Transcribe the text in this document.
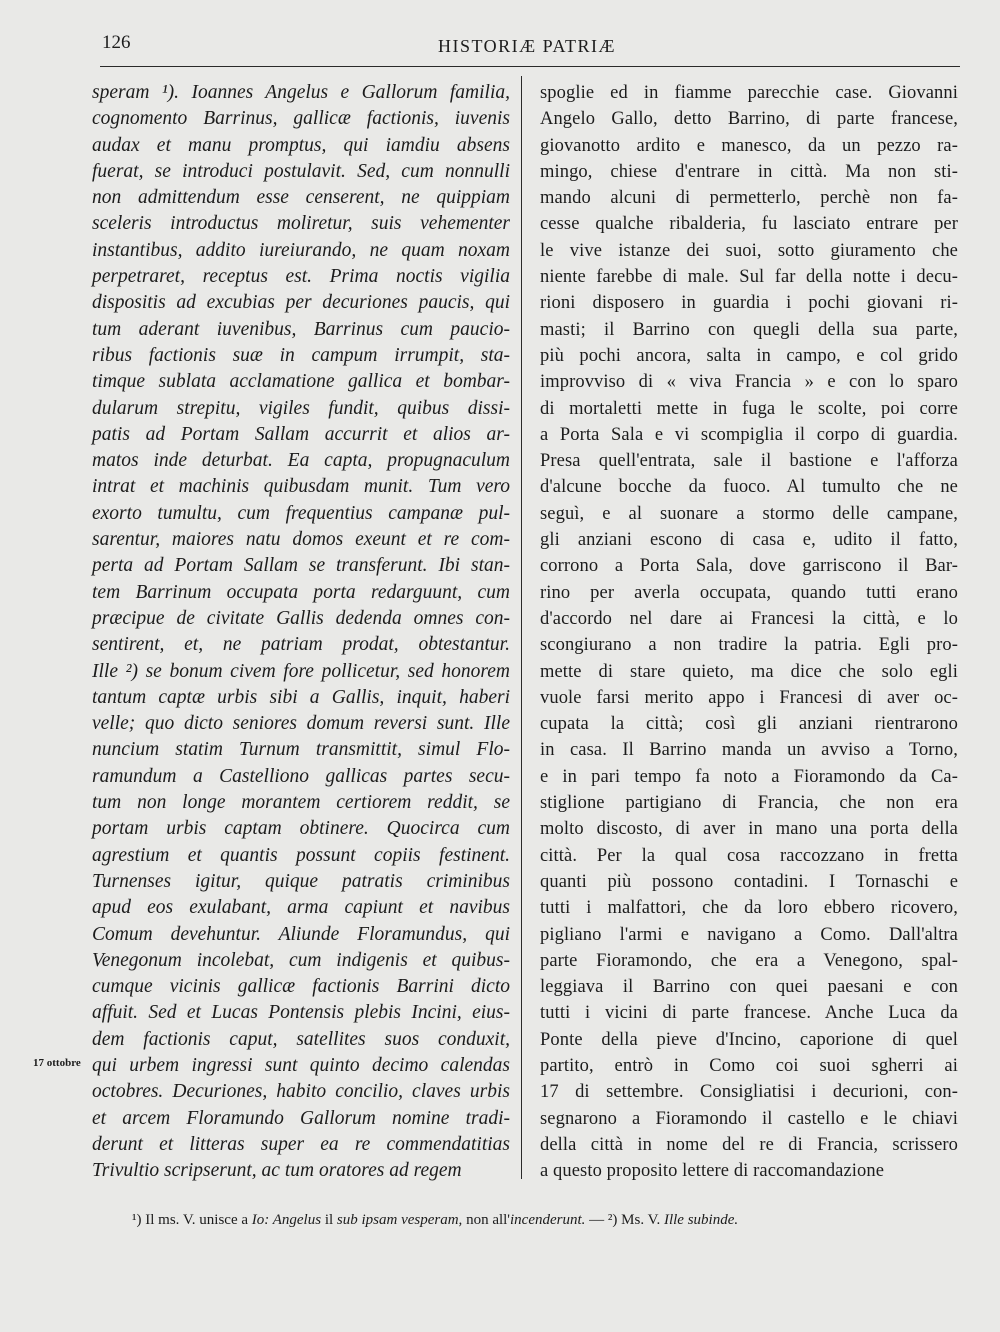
126	HISTORIÆ PATRIÆ
17 ottobre
speram ¹). Ioannes Angelus e Gallorum familia,
cognomento Barrinus, gallicæ factionis, iuvenis
audax et manu promptus, qui iamdiu absens
fuerat, se introduci postulavit. Sed, cum nonnulli
non admittendum esse censerent, ne quippiam
sceleris introductus moliretur, suis vehementer
instantibus, addito iureiurando, ne quam noxam
perpetraret, receptus est. Prima noctis vigilia
dispositis ad excubias per decuriones paucis, qui
tum aderant iuvenibus, Barrinus cum paucio-
ribus factionis suæ in campum irrumpit, sta-
timque sublata acclamatione gallica et bombar-
dularum strepitu, vigiles fundit, quibus dissi-
patis ad Portam Sallam accurrit et alios ar-
matos inde deturbat. Ea capta, propugnaculum
intrat et machinis quibusdam munit. Tum vero
exorto tumultu, cum frequentius campanæ pul-
sarentur, maiores natu domos exeunt et re com-
perta ad Portam Sallam se transferunt. Ibi stan-
tem Barrinum occupata porta redarguunt, cum
præcipue de civitate Gallis dedenda omnes con-
sentirent, et, ne patriam prodat, obtestantur.
Ille ²) se bonum civem fore pollicetur, sed honorem
tantum captæ urbis sibi a Gallis, inquit, haberi
velle; quo dicto seniores domum reversi sunt. Ille
nuncium statim Turnum transmittit, simul Flo-
ramundum a Castelliono gallicas partes secu-
tum non longe morantem certiorem reddit, se
portam urbis captam obtinere. Quocirca cum
agrestium et quantis possunt copiis festinent.
Turnenses igitur, quique patratis criminibus
apud eos exulabant, arma capiunt et navibus
Comum devehuntur. Aliunde Floramundus, qui
Venegonum incolebat, cum indigenis et quibus-
cumque vicinis gallicæ factionis Barrini dicto
affuit. Sed et Lucas Pontensis plebis Incini, eius-
dem factionis caput, satellites suos conduxit,
qui urbem ingressi sunt quinto decimo calendas
octobres. Decuriones, habito concilio, claves urbis
et arcem Floramundo Gallorum nomine tradi-
derunt et litteras super ea re commendatitias
Trivultio scripserunt, ac tum oratores ad regem
spoglie ed in fiamme parecchie case. Giovanni
Angelo Gallo, detto Barrino, di parte francese,
giovanotto ardito e manesco, da un pezzo ra-
mingo, chiese d'entrare in città. Ma non sti-
mando alcuni di permetterlo, perchè non fa-
cesse qualche ribalderia, fu lasciato entrare per
le vive istanze dei suoi, sotto giuramento che
niente farebbe di male. Sul far della notte i decu-
rioni disposero in guardia i pochi giovani ri-
masti; il Barrino con quegli della sua parte,
più pochi ancora, salta in campo, e col grido
improvviso di « viva Francia » e con lo sparo
di mortaletti mette in fuga le scolte, poi corre
a Porta Sala e vi scompiglia il corpo di guardia.
Presa quell'entrata, sale il bastione e l'afforza
d'alcune bocche da fuoco. Al tumulto che ne
seguì, e al suonare a stormo delle campane,
gli anziani escono di casa e, udito il fatto,
corrono a Porta Sala, dove garriscono il Bar-
rino per averla occupata, quando tutti erano
d'accordo nel dare ai Francesi la città, e lo
scongiurano a non tradire la patria. Egli pro-
mette di stare quieto, ma dice che solo egli
vuole farsi merito appo i Francesi di aver oc-
cupata la città; così gli anziani rientrarono
in casa. Il Barrino manda un avviso a Torno,
e in pari tempo fa noto a Fioramondo da Ca-
stiglione partigiano di Francia, che non era
molto discosto, di aver in mano una porta della
città. Per la qual cosa raccozzano in fretta
quanti più possono contadini. I Tornaschi e
tutti i malfattori, che da loro ebbero ricovero,
pigliano l'armi e navigano a Como. Dall'altra
parte Fioramondo, che era a Venegono, spal-
leggiava il Barrino con quei paesani e con
tutti i vicini di parte francese. Anche Luca da
Ponte della pieve d'Incino, caporione di quel
partito, entrò in Como coi suoi sgherri ai
17 di settembre. Consigliatisi i decurioni, con-
segnarono a Fioramondo il castello e le chiavi
della città in nome del re di Francia, scrissero
a questo proposito lettere di raccomandazione
¹) Il ms. V. unisce a Io: Angelus il sub ipsam vesperam, non all'incenderunt. — ²) Ms. V. Ille subinde.
